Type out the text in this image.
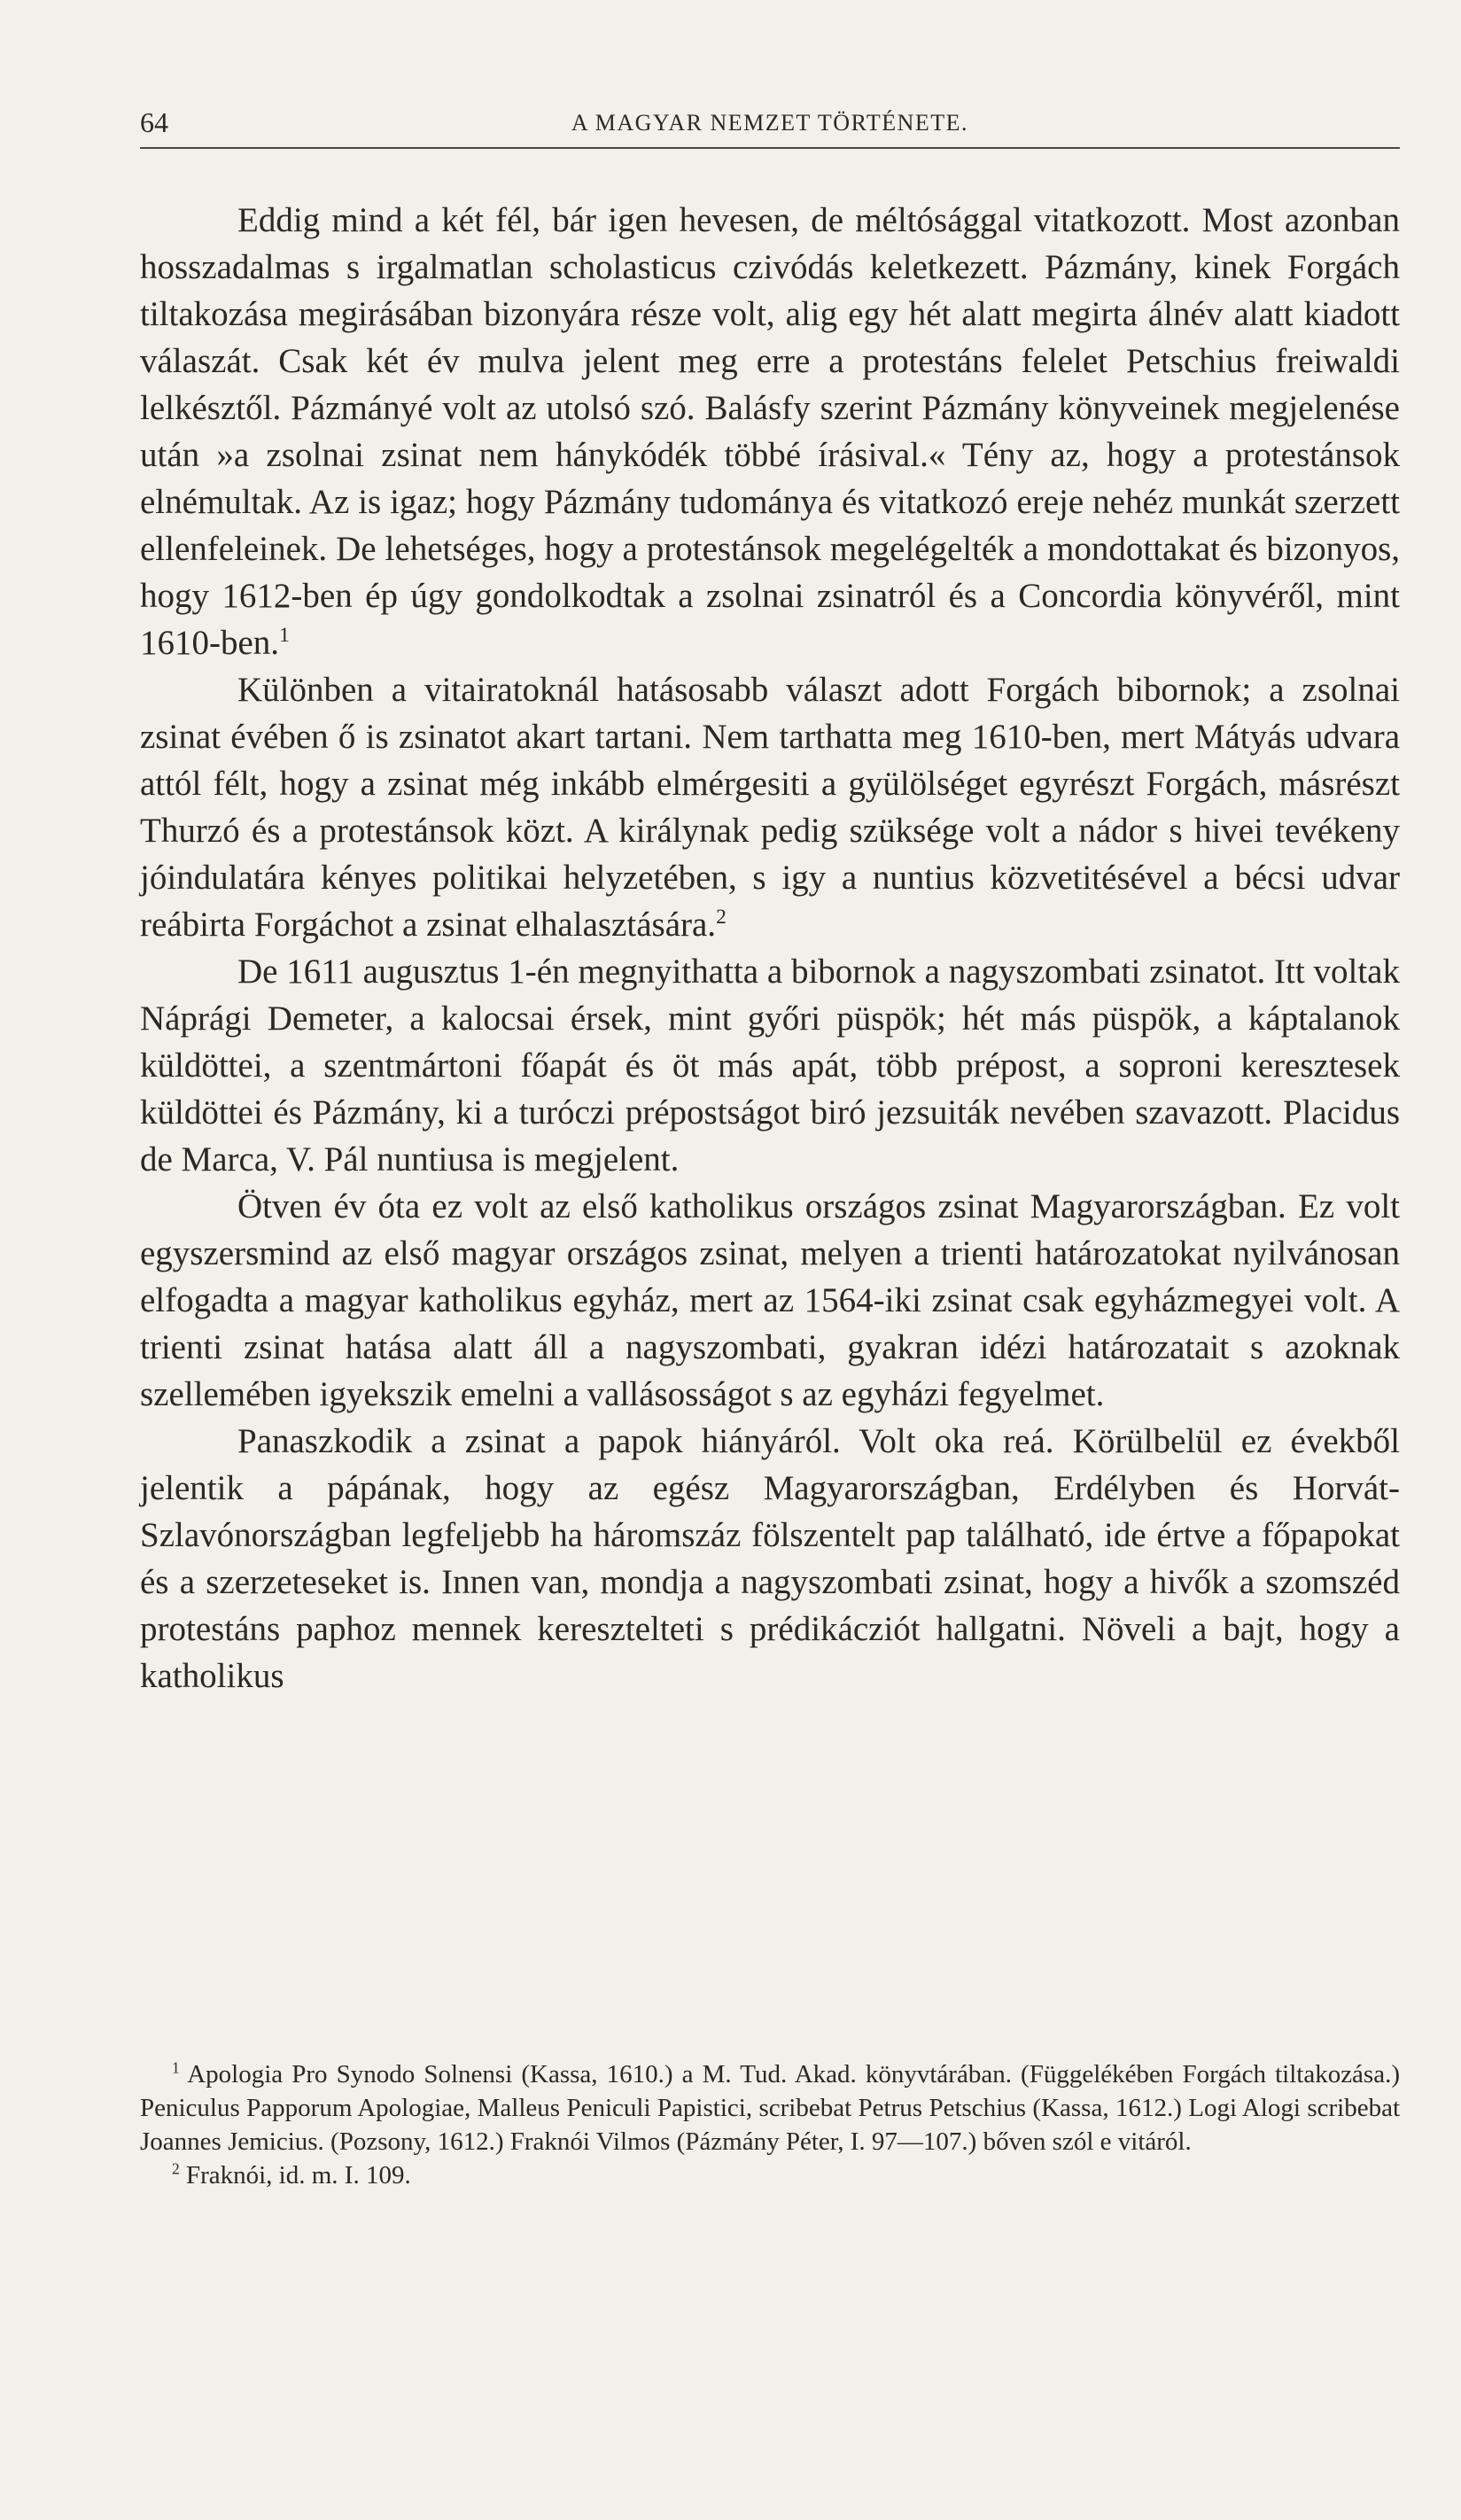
64	A MAGYAR NEMZET TÖRTÉNETE.

Eddig mind a két fél, bár igen hevesen, de méltósággal vitatkozott. Most azonban hosszadalmas s irgalmatlan scholasticus czivódás keletkezett. Pázmány, kinek Forgách tiltakozása megirásában bizonyára része volt, alig egy hét alatt megirta álnév alatt kiadott válaszát. Csak két év mulva jelent meg erre a protestáns felelet Petschius freiwaldi lelkésztől. Pázmányé volt az utolsó szó. Balásfy szerint Pázmány könyveinek megjelenése után »a zsolnai zsinat nem hánykódék többé írásival.« Tény az, hogy a protestánsok elnémultak. Az is igaz; hogy Pázmány tudománya és vitatkozó ereje nehéz munkát szerzett ellenfeleinek. De lehetséges, hogy a protestánsok megelégelték a mondottakat és bizonyos, hogy 1612-ben ép úgy gondolkodtak a zsolnai zsinatról és a Concordia könyvéről, mint 1610-ben.$^1$

Különben a vitairatoknál hatásosabb választ adott Forgách bibornok; a zsolnai zsinat évében ő is zsinatot akart tartani. Nem tarthatta meg 1610-ben, mert Mátyás udvara attól félt, hogy a zsinat még inkább elmérgesiti a gyülölséget egyrészt Forgách, másrészt Thurzó és a protestánsok közt. A királynak pedig szüksége volt a nádor s hivei tevékeny jóindulatára kényes politikai helyzetében, s igy a nuntius közvetitésével a bécsi udvar reábirta Forgáchot a zsinat elhalasztására.$^2$

De 1611 augusztus 1-én megnyithatta a bibornok a nagyszombati zsinatot. Itt voltak Náprági Demeter, a kalocsai érsek, mint győri püspök; hét más püspök, a káptalanok küldöttei, a szentmártoni főapát és öt más apát, több prépost, a soproni keresztesek küldöttei és Pázmány, ki a turóczi prépostságot biró jezsuiták nevében szavazott. Placidus de Marca, V. Pál nuntiusa is megjelent.

Ötven év óta ez volt az első katholikus országos zsinat Magyarországban. Ez volt egyszersmind az első magyar országos zsinat, melyen a trienti határozatokat nyilvánosan elfogadta a magyar katholikus egyház, mert az 1564-iki zsinat csak egyházmegyei volt. A trienti zsinat hatása alatt áll a nagyszombati, gyakran idézi határozatait s azoknak szellemében igyekszik emelni a vallásosságot s az egyházi fegyelmet.

Panaszkodik a zsinat a papok hiányáról. Volt oka reá. Körülbelül ez évekből jelentik a pápának, hogy az egész Magyarországban, Erdélyben és Horvát-Szlavónországban legfeljebb ha háromszáz fölszentelt pap található, ide értve a főpapokat és a szerzeteseket is. Innen van, mondja a nagyszombati zsinat, hogy a hivők a szomszéd protestáns paphoz mennek keresztelteti s prédikácziót hallgatni. Növeli a bajt, hogy a katholikus

$^1$ Apologia Pro Synodo Solnensi (Kassa, 1610.) a M. Tud. Akad. könyvtárában. (Függelékében Forgách tiltakozása.) Peniculus Papporum Apologiae, Malleus Peniculi Papistici, scribebat Petrus Petschius (Kassa, 1612.) Logi Alogi scribebat Joannes Jemicius. (Pozsony, 1612.) Fraknói Vilmos (Pázmány Péter, I. 97—107.) bőven szól e vitáról.

$^2$ Fraknói, id. m. I. 109.
